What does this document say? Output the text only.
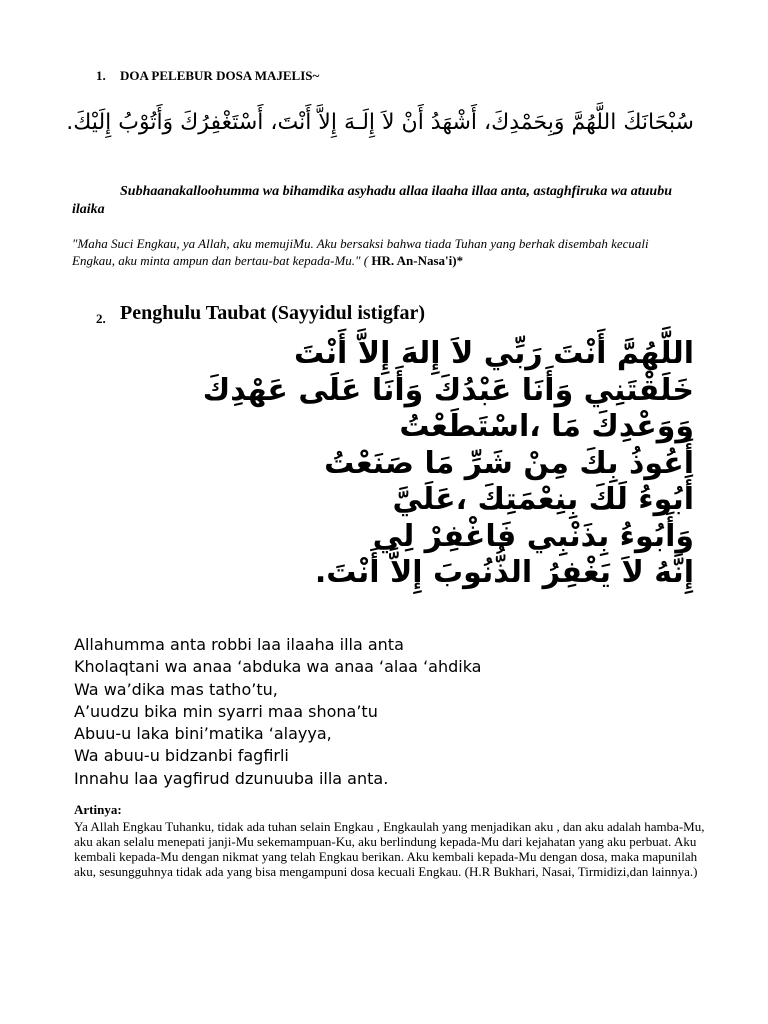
1. DOA PELEBUR DOSA MAJELIS~
سُبْحَانَكَ اللَّهُمَّ وَبِحَمْدِكَ، أَشْهَدُ أَنْ لاَ إِلَـهَ إِلاَّ أَنْتَ، أَسْتَغْفِرُكَ وَأَتُوْبُ إِلَيْكَ.
Subhaanakalloohumma wa bihamdika asyhadu allaa ilaaha illaa anta, astaghfiruka wa atuubu ilaika
"Maha Suci Engkau, ya Allah, aku memujiMu. Aku bersaksi bahwa tiada Tuhan yang berhak disembah kecuali Engkau, aku minta ampun dan bertau-bat kepada-Mu." ( HR. An-Nasa'i)*
2. Penghulu Taubat (Sayyidul istigfar)
اللَّهُمَّ أَنْتَ رَبِّي لاَ إِلهَ إِلاَّ أَنْتَ
خَلَقْتَنِي وَأَنَا عَبْدُكَ وَأَنَا عَلَى عَهْدِكَ
وَوَعْدِكَ مَا ،اسْتَطَعْتُ
أَعُوذُ بِكَ مِنْ شَرِّ مَا صَنَعْتُ
أَبُوءُ لَكَ بِنِعْمَتِكَ ،عَلَيَّ
وَأَبُوءُ بِذَنْبِي فَاغْفِرْ لِي
إِنَّهُ لاَ يَغْفِرُ الذُّنُوبَ إِلاَّ أَنْتَ.
Allahumma anta robbi laa ilaaha illa anta
Kholaqtani wa anaa ‘abduka wa anaa ‘alaa ‘ahdika
Wa wa’dika mas tatho’tu,
A’uudzu bika min syarri maa shona’tu
Abuu-u laka bini’matika ‘alayya,
Wa abuu-u bidzanbi fagfirli
Innahu laa yagfirud dzunuuba illa anta.
Artinya:
Ya Allah Engkau Tuhanku, tidak ada tuhan selain Engkau , Engkaulah yang menjadikan aku , dan aku adalah hamba-Mu, aku akan selalu menepati janji-Mu sekemampuan-Ku, aku berlindung kepada-Mu dari kejahatan yang aku perbuat. Aku kembali kepada-Mu dengan nikmat yang telah Engkau berikan. Aku kembali kepada-Mu dengan dosa, maka mapunilah aku, sesungguhnya tidak ada yang bisa mengampuni dosa kecuali Engkau. (H.R Bukhari, Nasai, Tirmidizi,dan lainnya.)
